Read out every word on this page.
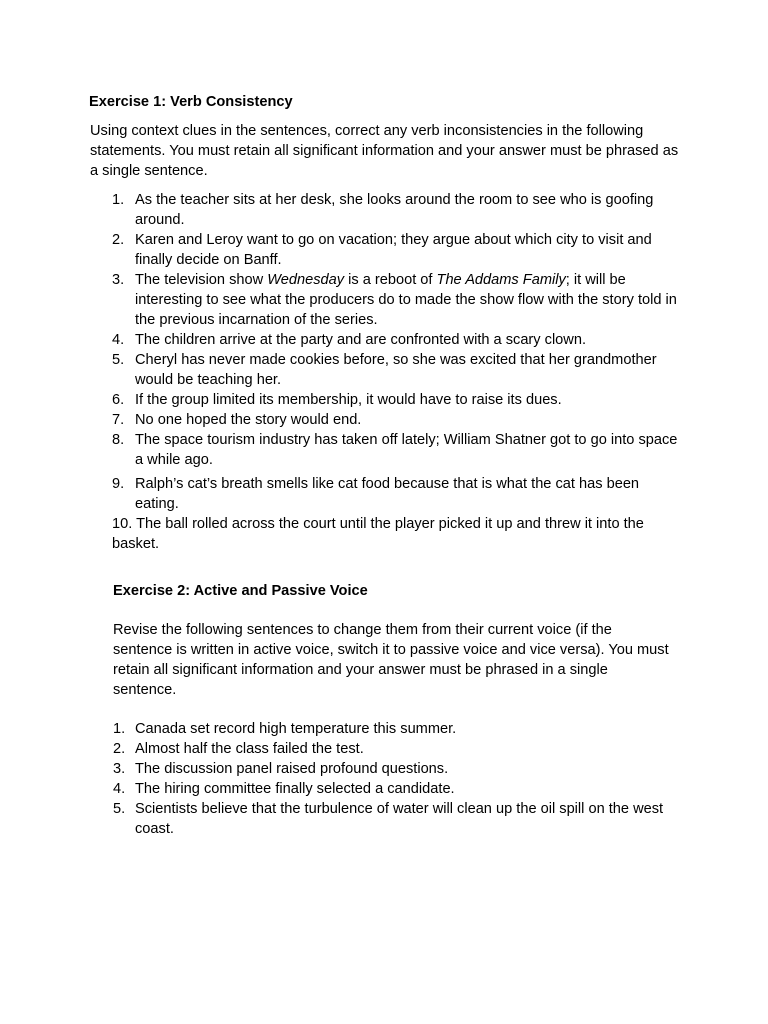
Exercise 1: Verb Consistency

Using context clues in the sentences, correct any verb inconsistencies in the following statements. You must retain all significant information and your answer must be phrased as a single sentence.

1. As the teacher sits at her desk, she looks around the room to see who is goofing around.
2. Karen and Leroy want to go on vacation; they argue about which city to visit and finally decide on Banff.
3. The television show Wednesday is a reboot of The Addams Family; it will be interesting to see what the producers do to made the show flow with the story told in the previous incarnation of the series.
4. The children arrive at the party and are confronted with a scary clown.
5. Cheryl has never made cookies before, so she was excited that her grandmother would be teaching her.
6. If the group limited its membership, it would have to raise its dues.
7. No one hoped the story would end.
8. The space tourism industry has taken off lately; William Shatner got to go into space a while ago.
9. Ralph’s cat’s breath smells like cat food because that is what the cat has been eating.
10. The ball rolled across the court until the player picked it up and threw it into the basket.

Exercise 2: Active and Passive Voice

Revise the following sentences to change them from their current voice (if the sentence is written in active voice, switch it to passive voice and vice versa). You must retain all significant information and your answer must be phrased in a single sentence.

1. Canada set record high temperature this summer.
2. Almost half the class failed the test.
3. The discussion panel raised profound questions.
4. The hiring committee finally selected a candidate.
5. Scientists believe that the turbulence of water will clean up the oil spill on the west coast.
